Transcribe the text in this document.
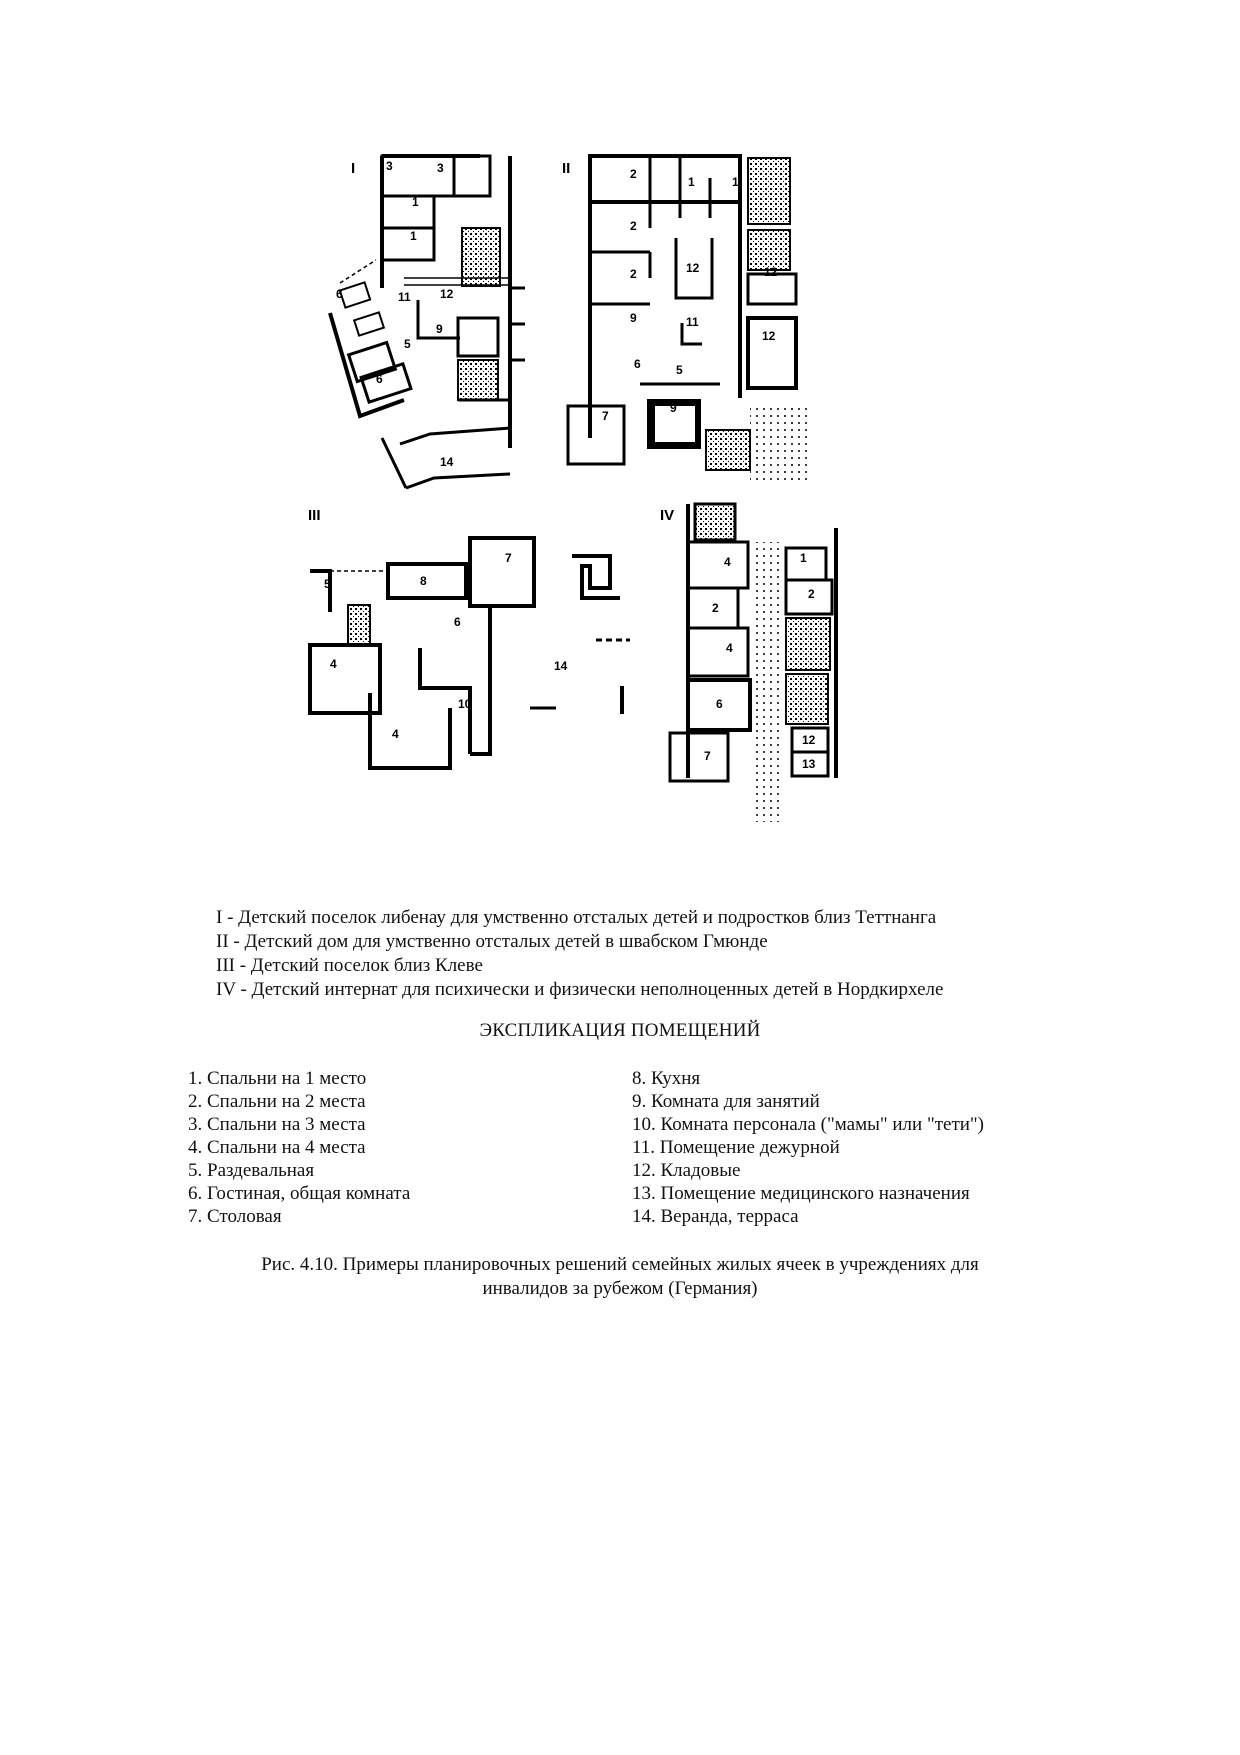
I	3	3
1
1
6	11 12
9
5
6
14
II	2
1	1
2
12
2	12
9	11
12
6	5
7
9
III
5	8
7
6
4	14
10
4
IV
4	1
2
2
4
6
7
12
13
I - Детский поселок либенау для умственно отсталых детей и подростков близ Теттнанга
II - Детский дом для умственно отсталых детей в швабском Гмюнде
III - Детский поселок близ Клеве
IV - Детский интернат для психически и физически неполноценных детей в Нордкирхеле
ЭКСПЛИКАЦИЯ ПОМЕЩЕНИЙ
1. Спальни на 1 место
2. Спальни на 2 места
3. Спальни на 3 места
4. Спальни на 4 места
5. Раздевальная
6. Гостиная, общая комната
7. Столовая
8. Кухня
9. Комната для занятий
10. Комната персонала ("мамы" или "тети")
11. Помещение дежурной
12. Кладовые
13. Помещение медицинского назначения
14. Веранда, терраса
Рис. 4.10. Примеры планировочных решений семейных жилых ячеек в учреждениях для
инвалидов за рубежом (Германия)
